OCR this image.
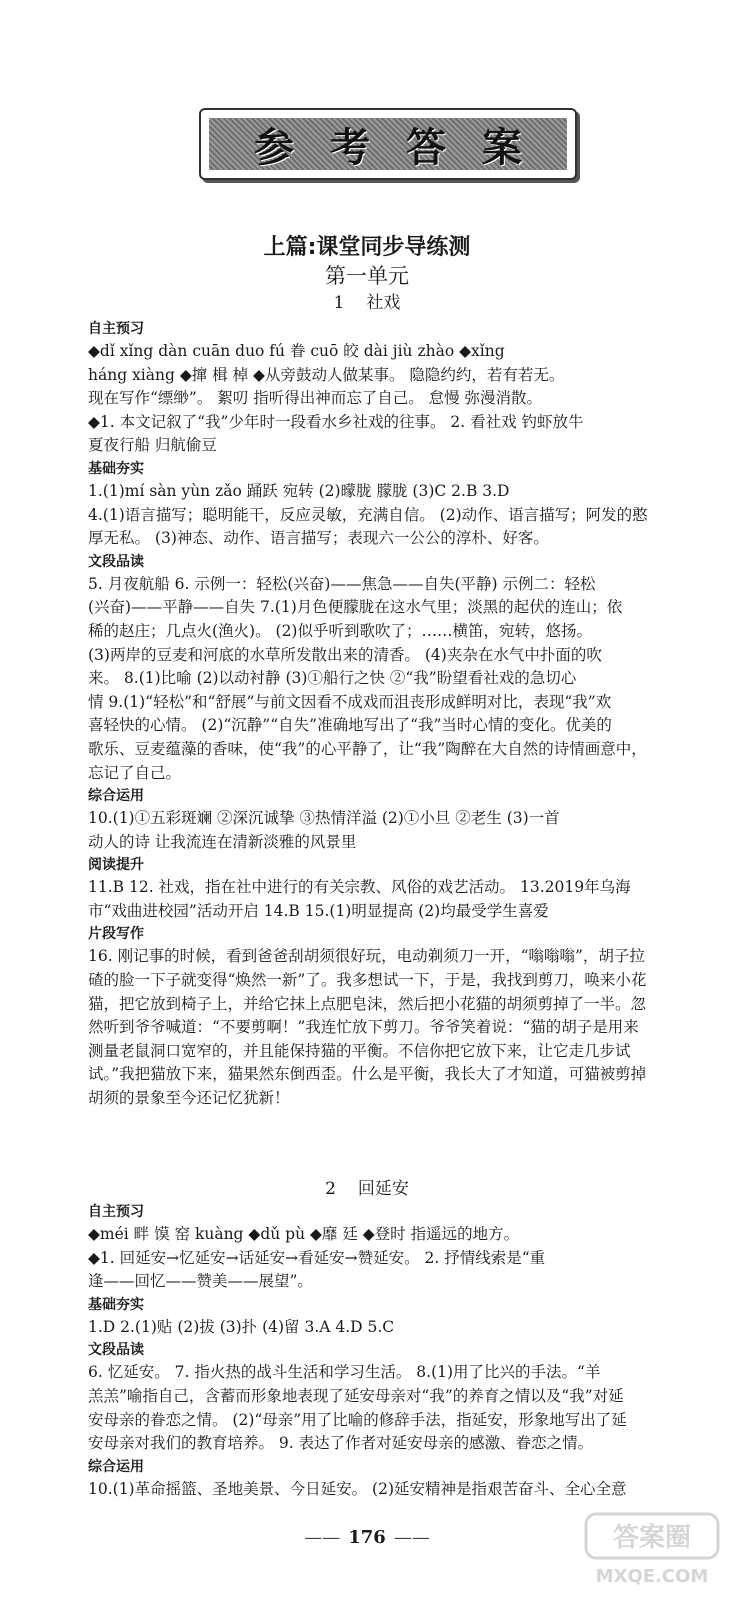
参考答案
上篇:课堂同步导练测
第一单元
1 社戏
自主预习
◆dǐ xǐng dàn cuān duo fú 眷 cuō 皎 dài jiù zhào ◆xǐng
háng xiàng ◆撺 楫 棹 ◆从旁鼓动人做某事。 隐隐约约，若有若无。
现在写作“缥缈”。 絮叨 指听得出神而忘了自己。 怠慢 弥漫消散。
◆1. 本文记叙了“我”少年时一段看水乡社戏的往事。 2. 看社戏 钓虾放牛
夏夜行船 归航偷豆
基础夯实
1.(1)mí sàn yùn zǎo 踊跃 宛转 (2)曚胧 朦胧 (3)C 2.B 3.D
4.(1)语言描写；聪明能干，反应灵敏，充满自信。 (2)动作、语言描写；阿发的憨
厚无私。 (3)神态、动作、语言描写；表现六一公公的淳朴、好客。
文段品读
5. 月夜航船 6. 示例一：轻松(兴奋)——焦急——自失(平静) 示例二：轻松
(兴奋)——平静——自失 7.(1)月色便朦胧在这水气里；淡黑的起伏的连山；依
稀的赵庄；几点火(渔火)。 (2)似乎听到歌吹了；……横笛，宛转，悠扬。
(3)两岸的豆麦和河底的水草所发散出来的清香。 (4)夹杂在水气中扑面的吹
来。 8.(1)比喻 (2)以动衬静 (3)①船行之快 ②“我”盼望看社戏的急切心
情 9.(1)“轻松”和“舒展”与前文因看不成戏而沮丧形成鲜明对比，表现“我”欢
喜轻快的心情。 (2)“沉静”“自失”准确地写出了“我”当时心情的变化。优美的
歌乐、豆麦蕴藻的香味，使“我”的心平静了，让“我”陶醉在大自然的诗情画意中，
忘记了自己。
综合运用
10.(1)①五彩斑斓 ②深沉诚挚 ③热情洋溢 (2)①小旦 ②老生 (3)一首
动人的诗 让我流连在清新淡雅的风景里
阅读提升
11.B 12. 社戏，指在社中进行的有关宗教、风俗的戏艺活动。 13.2019年乌海
市“戏曲进校园”活动开启 14.B 15.(1)明显提高 (2)均最受学生喜爱
片段写作
16. 刚记事的时候，看到爸爸刮胡须很好玩，电动剃须刀一开，“嗡嗡嗡”，胡子拉
碴的脸一下子就变得“焕然一新”了。我多想试一下，于是，我找到剪刀，唤来小花
猫，把它放到椅子上，并给它抹上点肥皂沫，然后把小花猫的胡须剪掉了一半。忽
然听到爷爷喊道：“不要剪啊！”我连忙放下剪刀。爷爷笑着说：“猫的胡子是用来
测量老鼠洞口宽窄的，并且能保持猫的平衡。不信你把它放下来，让它走几步试
试。”我把猫放下来，猫果然东倒西歪。什么是平衡，我长大了才知道，可猫被剪掉
胡须的景象至今还记忆犹新！
2 回延安
自主预习
◆méi 畔 馍 窑 kuàng ◆dǔ pù ◆靡 廷 ◆登时 指遥远的地方。
◆1. 回延安→忆延安→话延安→看延安→赞延安。 2. 抒情线索是“重
逢——回忆——赞美——展望”。
基础夯实
1.D 2.(1)贴 (2)拔 (3)扑 (4)留 3.A 4.D 5.C
文段品读
6. 忆延安。 7. 指火热的战斗生活和学习生活。 8.(1)用了比兴的手法。“羊
羔羔”喻指自己，含蓄而形象地表现了延安母亲对“我”的养育之情以及“我”对延
安母亲的眷恋之情。 (2)“母亲”用了比喻的修辞手法，指延安，形象地写出了延
安母亲对我们的教育培养。 9. 表达了作者对延安母亲的感激、眷恋之情。
综合运用
10.(1)革命摇篮、圣地美景、今日延安。 (2)延安精神是指艰苦奋斗、全心全意
—— 176 ——	答案圈
MXQE.COM
